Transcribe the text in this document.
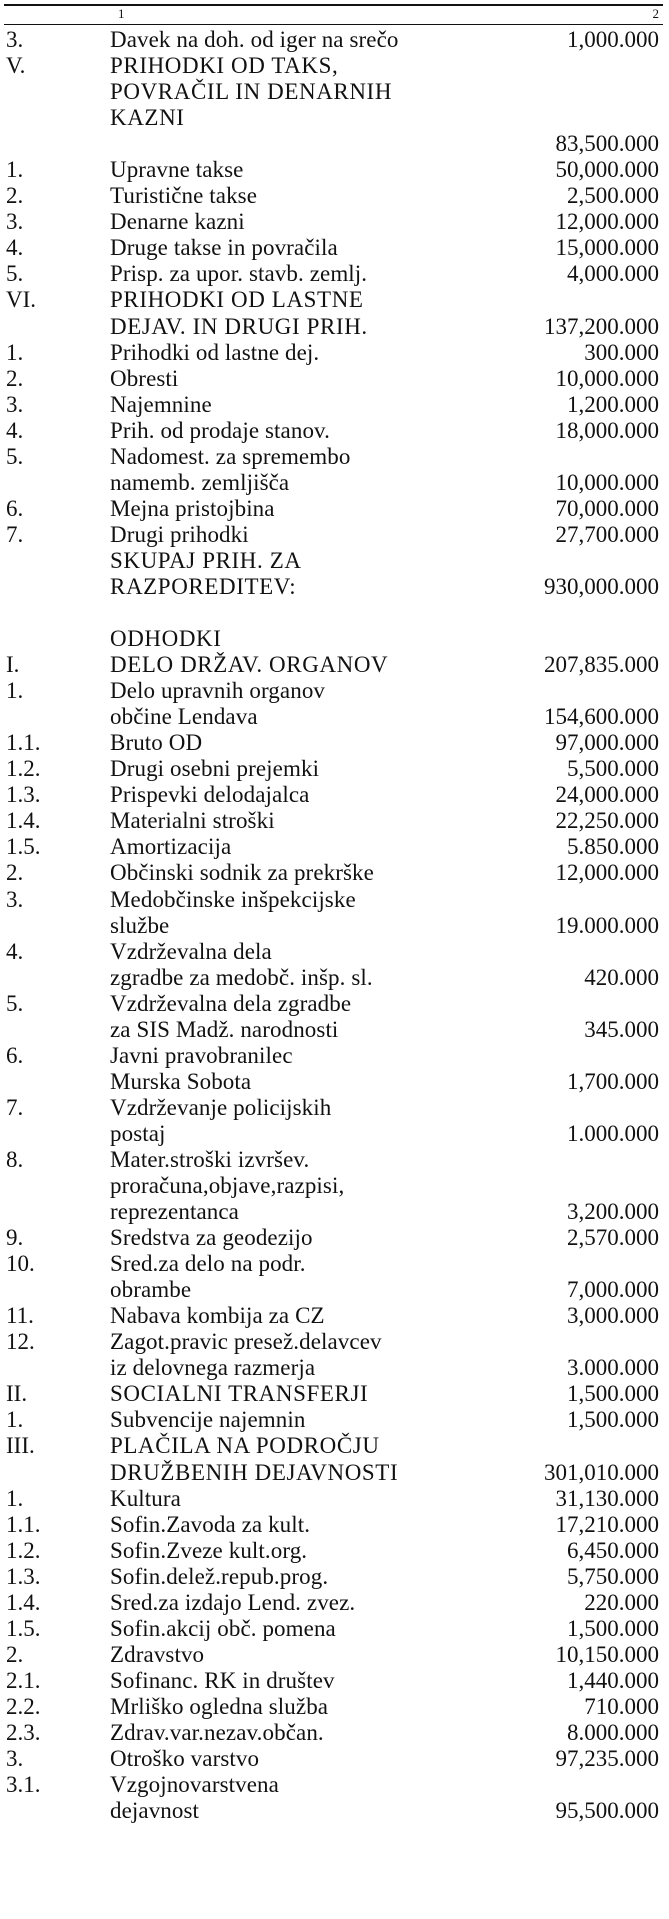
1	2
3.	Davek na doh. od iger na srečo	1,000.000
V.	PRIHODKI OD TAKS,
POVRAČIL IN DENARNIH
KAZNI
83,500.000
1.	Upravne takse	50,000.000
2.	Turistične takse	2,500.000
3.	Denarne kazni	12,000.000
4.	Druge takse in povračila	15,000.000
5.	Prisp. za upor. stavb. zemlj.	4,000.000
VI.	PRIHODKI OD LASTNE
DEJAV. IN DRUGI PRIH.	137,200.000
1.	Prihodki od lastne dej.	300.000
2.	Obresti	10,000.000
3.	Najemnine	1,200.000
4.	Prih. od prodaje stanov.	18,000.000
5.	Nadomest. za spremembo
namemb. zemljišča	10,000.000
6.	Mejna pristojbina	70,000.000
7.	Drugi prihodki	27,700.000
SKUPAJ PRIH. ZA
RAZPOREDITEV:	930,000.000
ODHODKI
I.	DELO DRŽAV. ORGANOV	207,835.000
1.	Delo upravnih organov
občine Lendava	154,600.000
1.1.	Bruto OD	97,000.000
1.2.	Drugi osebni prejemki	5,500.000
1.3.	Prispevki delodajalca	24,000.000
1.4.	Materialni stroški	22,250.000
1.5.	Amortizacija	5.850.000
2.	Občinski sodnik za prekrške	12,000.000
3.	Medobčinske inšpekcijske
službe	19.000.000
4.	Vzdrževalna dela
zgradbe za medobč. inšp. sl.	420.000
5.	Vzdrževalna dela zgradbe
za SIS Madž. narodnosti	345.000
6.	Javni pravobranilec
Murska Sobota	1,700.000
7.	Vzdrževanje policijskih
postaj	1.000.000
8.	Mater.stroški izvršev.
proračuna,objave,razpisi,
reprezentanca	3,200.000
9.	Sredstva za geodezijo	2,570.000
10.	Sred.za delo na podr.
obrambe	7,000.000
11.	Nabava kombija za CZ	3,000.000
12.	Zagot.pravic presež.delavcev
iz delovnega razmerja	3.000.000
II.	SOCIALNI TRANSFERJI	1,500.000
1.	Subvencije najemnin	1,500.000
III.	PLAČILA NA PODROČJU
DRUŽBENIH DEJAVNOSTI	301,010.000
1.	Kultura	31,130.000
1.1.	Sofin.Zavoda za kult.	17,210.000
1.2.	Sofin.Zveze kult.org.	6,450.000
1.3.	Sofin.delež.repub.prog.	5,750.000
1.4.	Sred.za izdajo Lend. zvez.	220.000
1.5.	Sofin.akcij obč. pomena	1,500.000
2.	Zdravstvo	10,150.000
2.1.	Sofinanc. RK in društev	1,440.000
2.2.	Mrliško ogledna služba	710.000
2.3.	Zdrav.var.nezav.občan.	8.000.000
3.	Otroško varstvo	97,235.000
3.1.	Vzgojnovarstvena
dejavnost	95,500.000
